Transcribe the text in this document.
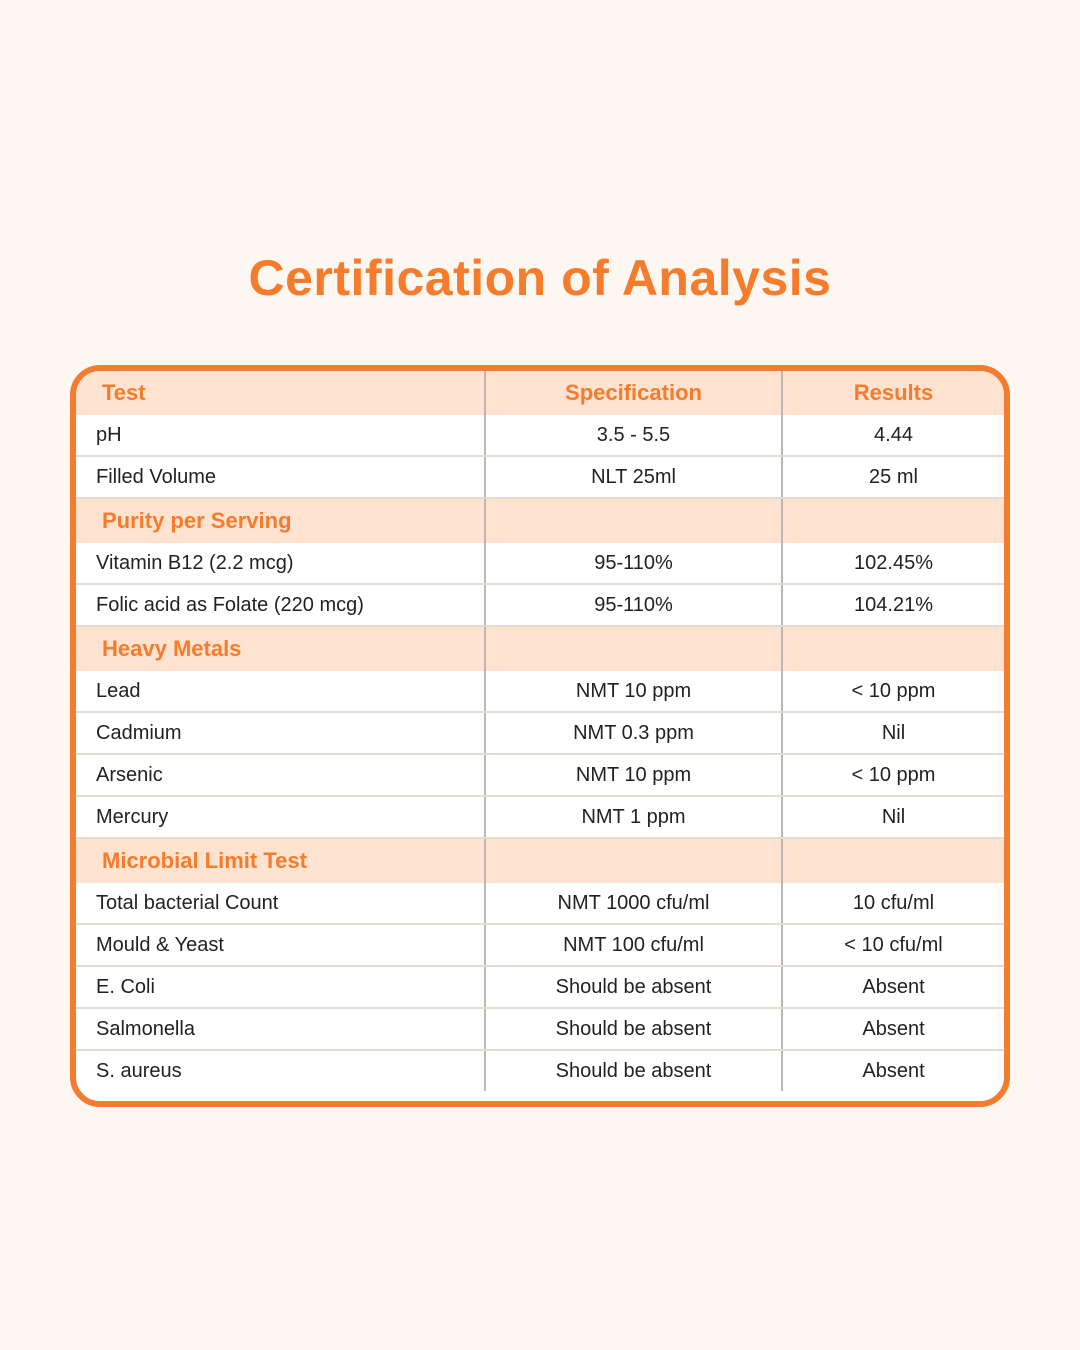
Certification of Analysis
Test	Specification	Results
pH	3.5 - 5.5	4.44
Filled Volume	NLT 25ml	25 ml
Purity per Serving		
Vitamin B12 (2.2 mcg)	95-110%	102.45%
Folic acid as Folate (220 mcg)	95-110%	104.21%
Heavy Metals		
Lead	NMT 10 ppm	< 10 ppm
Cadmium	NMT 0.3 ppm	Nil
Arsenic	NMT 10 ppm	< 10 ppm
Mercury	NMT 1 ppm	Nil
Microbial Limit Test		
Total bacterial Count	NMT 1000 cfu/ml	10 cfu/ml
Mould & Yeast	NMT 100 cfu/ml	< 10 cfu/ml
E. Coli	Should be absent	Absent
Salmonella	Should be absent	Absent
S. aureus	Should be absent	Absent
